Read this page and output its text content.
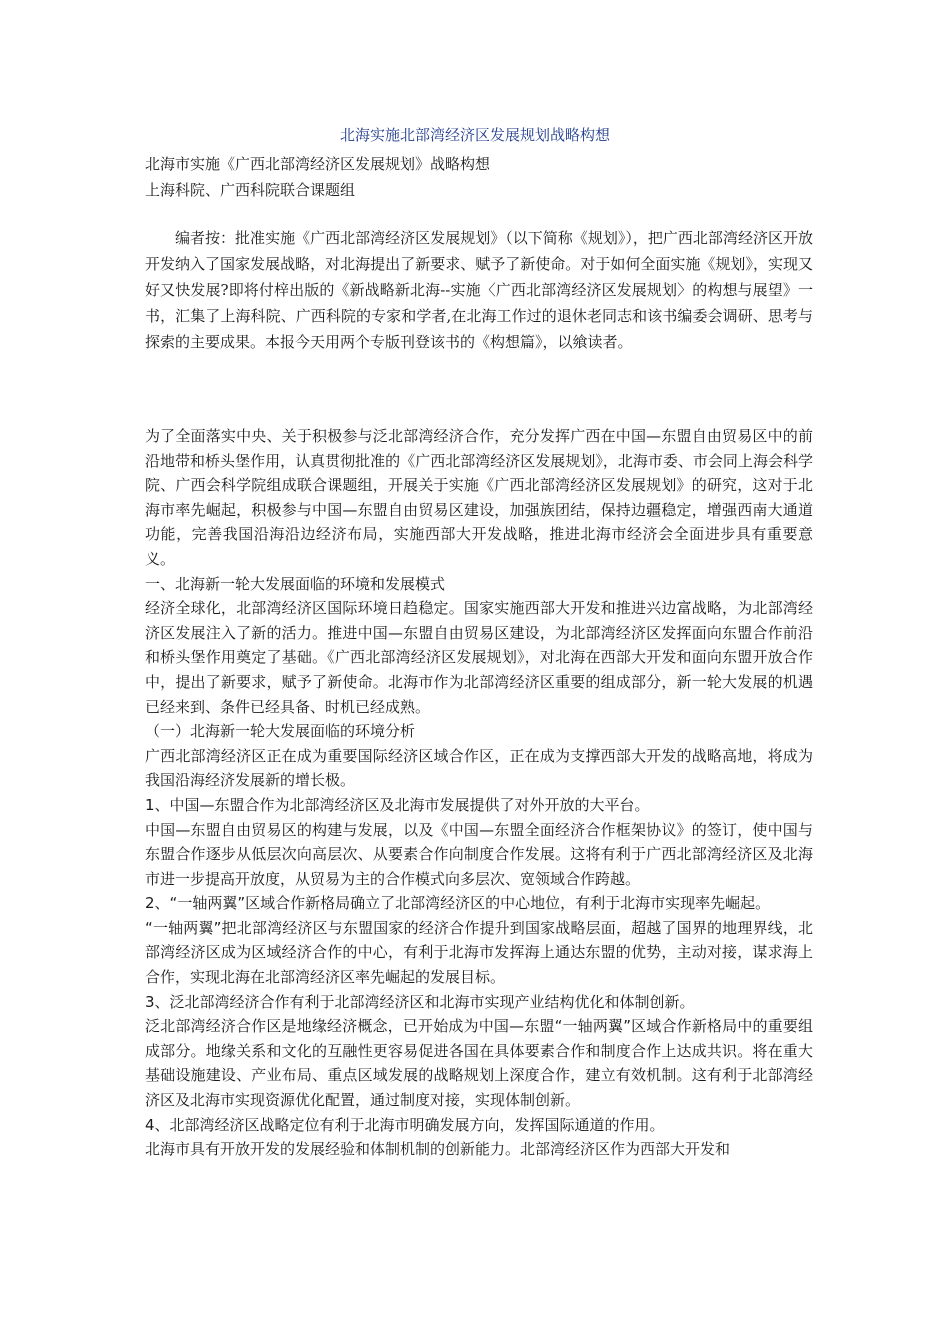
北海实施北部湾经济区发展规划战略构想
北海市实施《广西北部湾经济区发展规划》战略构想
上海科院、广西科院联合课题组

编者按：批准实施《广西北部湾经济区发展规划》（以下简称《规划》），把广西北部湾经济区开放开发纳入了国家发展战略，对北海提出了新要求、赋予了新使命。对于如何全面实施《规划》，实现又好又快发展?即将付梓出版的《新战略新北海--实施〈广西北部湾经济区发展规划〉的构想与展望》一书，汇集了上海科院、广西科院的专家和学者,在北海工作过的退休老同志和该书编委会调研、思考与探索的主要成果。本报今天用两个专版刊登该书的《构想篇》，以飨读者。

为了全面落实中央、关于积极参与泛北部湾经济合作，充分发挥广西在中国—东盟自由贸易区中的前沿地带和桥头堡作用，认真贯彻批准的《广西北部湾经济区发展规划》，北海市委、市会同上海会科学院、广西会科学院组成联合课题组，开展关于实施《广西北部湾经济区发展规划》的研究，这对于北海市率先崛起，积极参与中国—东盟自由贸易区建设，加强族团结，保持边疆稳定，增强西南大通道功能，完善我国沿海沿边经济布局，实施西部大开发战略，推进北海市经济会全面进步具有重要意义。

一、北海新一轮大发展面临的环境和发展模式

经济全球化，北部湾经济区国际环境日趋稳定。国家实施西部大开发和推进兴边富战略，为北部湾经济区发展注入了新的活力。推进中国—东盟自由贸易区建设，为北部湾经济区发挥面向东盟合作前沿和桥头堡作用奠定了基础。《广西北部湾经济区发展规划》，对北海在西部大开发和面向东盟开放合作中，提出了新要求，赋予了新使命。北海市作为北部湾经济区重要的组成部分，新一轮大发展的机遇已经来到、条件已经具备、时机已经成熟。

（一）北海新一轮大发展面临的环境分析

广西北部湾经济区正在成为重要国际经济区域合作区，正在成为支撑西部大开发的战略高地，将成为我国沿海经济发展新的增长极。

1、中国—东盟合作为北部湾经济区及北海市发展提供了对外开放的大平台。

中国—东盟自由贸易区的构建与发展，以及《中国—东盟全面经济合作框架协议》的签订，使中国与东盟合作逐步从低层次向高层次、从要素合作向制度合作发展。这将有利于广西北部湾经济区及北海市进一步提高开放度，从贸易为主的合作模式向多层次、宽领域合作跨越。

2、“一轴两翼”区域合作新格局确立了北部湾经济区的中心地位，有利于北海市实现率先崛起。

“一轴两翼”把北部湾经济区与东盟国家的经济合作提升到国家战略层面，超越了国界的地理界线，北部湾经济区成为区域经济合作的中心，有利于北海市发挥海上通达东盟的优势，主动对接，谋求海上合作，实现北海在北部湾经济区率先崛起的发展目标。

3、泛北部湾经济合作有利于北部湾经济区和北海市实现产业结构优化和体制创新。

泛北部湾经济合作区是地缘经济概念，已开始成为中国—东盟“一轴两翼”区域合作新格局中的重要组成部分。地缘关系和文化的互融性更容易促进各国在具体要素合作和制度合作上达成共识。将在重大基础设施建设、产业布局、重点区域发展的战略规划上深度合作，建立有效机制。这有利于北部湾经济区及北海市实现资源优化配置，通过制度对接，实现体制创新。

4、北部湾经济区战略定位有利于北海市明确发展方向，发挥国际通道的作用。

北海市具有开放开发的发展经验和体制机制的创新能力。北部湾经济区作为西部大开发和
